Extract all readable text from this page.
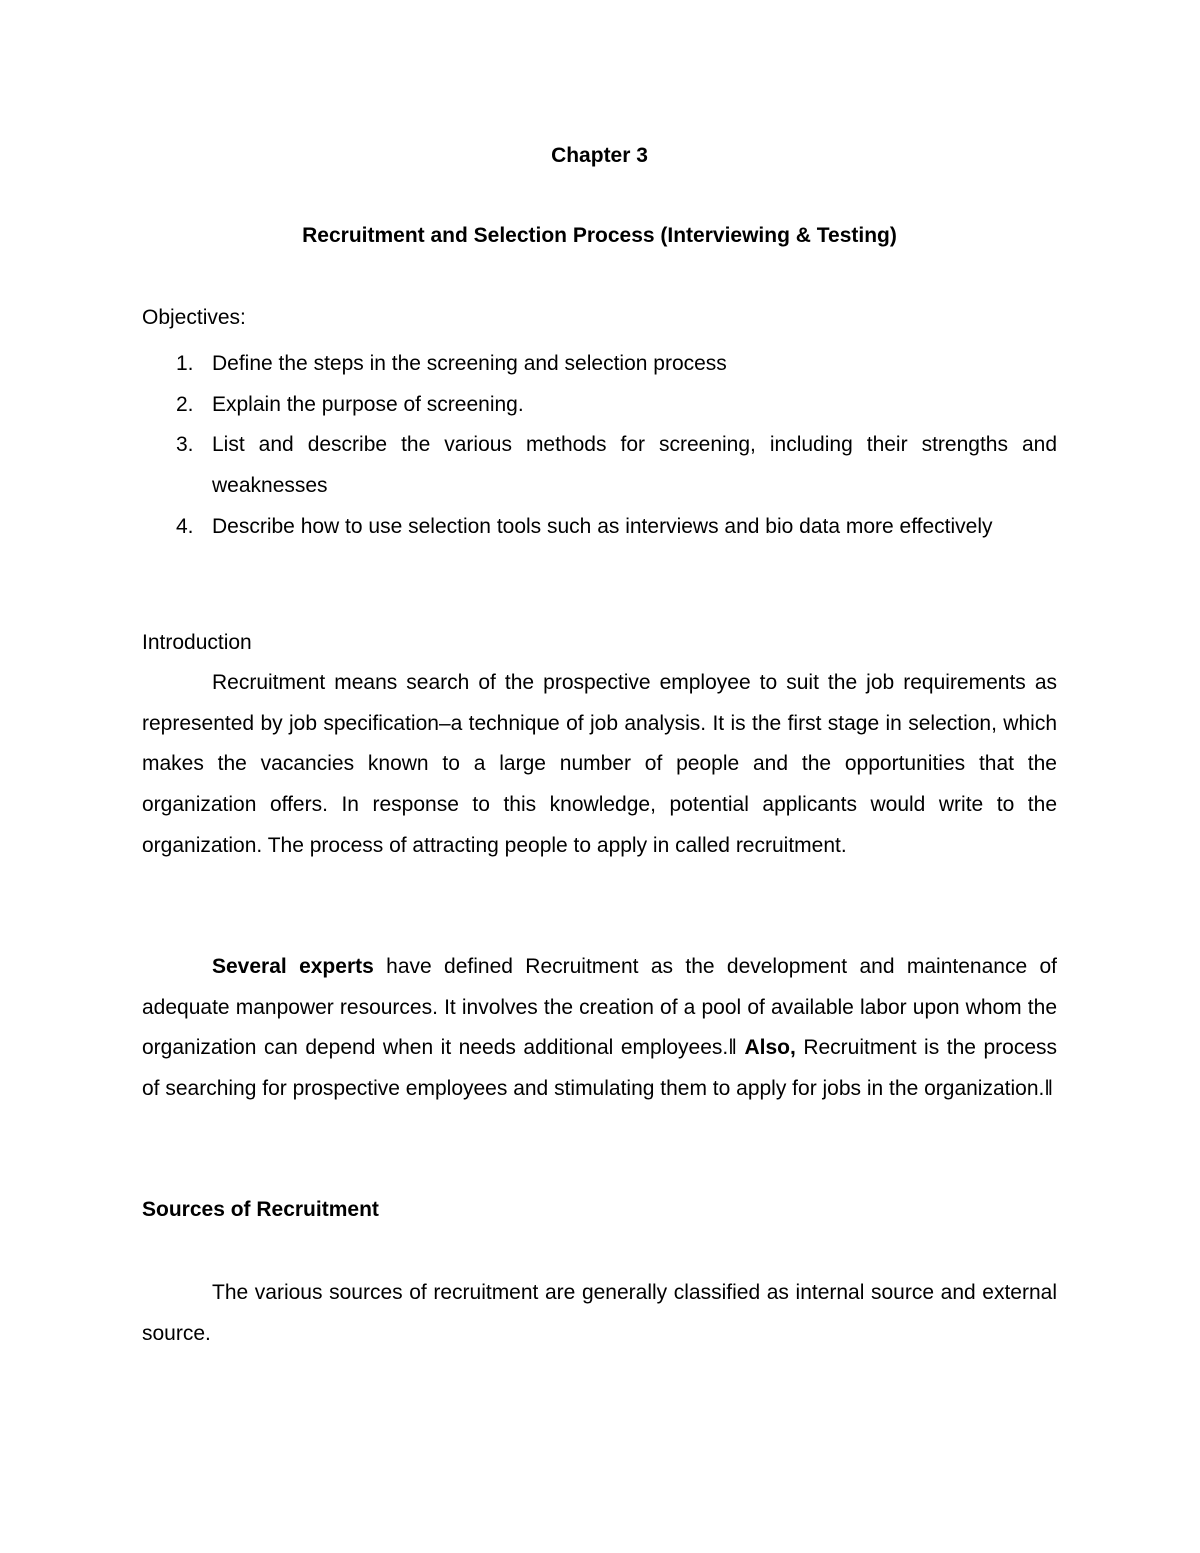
Chapter 3
Recruitment and Selection Process (Interviewing & Testing)
Objectives:
1. Define the steps in the screening and selection process
2. Explain the purpose of screening.
3. List and describe the various methods for screening, including their strengths and weaknesses
4. Describe how to use selection tools such as interviews and bio data more effectively
Introduction

Recruitment means search of the prospective employee to suit the job requirements as represented by job specification–a technique of job analysis. It is the first stage in selection, which makes the vacancies known to a large number of people and the opportunities that the organization offers. In response to this knowledge, potential applicants would write to the organization. The process of attracting people to apply in called recruitment.

Several experts have defined Recruitment as the development and maintenance of adequate manpower resources. It involves the creation of a pool of available labor upon whom the organization can depend when it needs additional employees.‖ Also, Recruitment is the process of searching for prospective employees and stimulating them to apply for jobs in the organization.‖

Sources of Recruitment

The various sources of recruitment are generally classified as internal source and external source.
